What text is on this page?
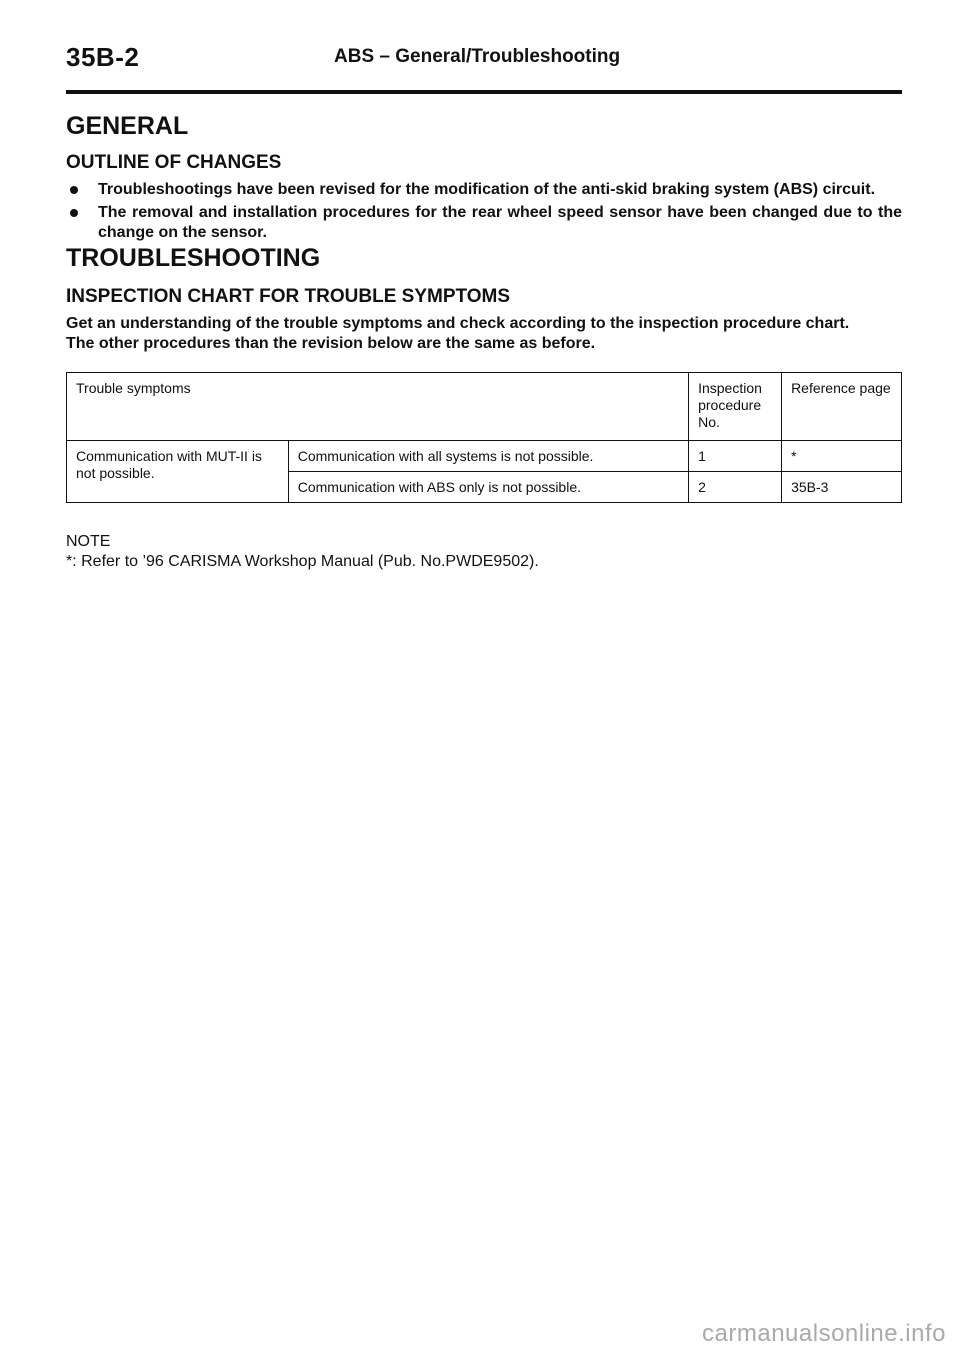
35B-2	ABS – General/Troubleshooting
GENERAL
OUTLINE OF CHANGES
Troubleshootings have been revised for the modification of the anti-skid braking system (ABS) circuit.
The removal and installation procedures for the rear wheel speed sensor have been changed due to the change on the sensor.
TROUBLESHOOTING
INSPECTION CHART FOR TROUBLE SYMPTOMS

Get an understanding of the trouble symptoms and check according to the inspection procedure chart.

The other procedures than the revision below are the same as before.

Trouble symptoms		Inspection procedure No.	Reference page
Communication with MUT-II is not possible.	Communication with all systems is not possible.	1	*
	Communication with ABS only is not possible.	2	35B-3

NOTE

*: Refer to ’96 CARISMA Workshop Manual (Pub. No.PWDE9502).

carmanualsonline.info
